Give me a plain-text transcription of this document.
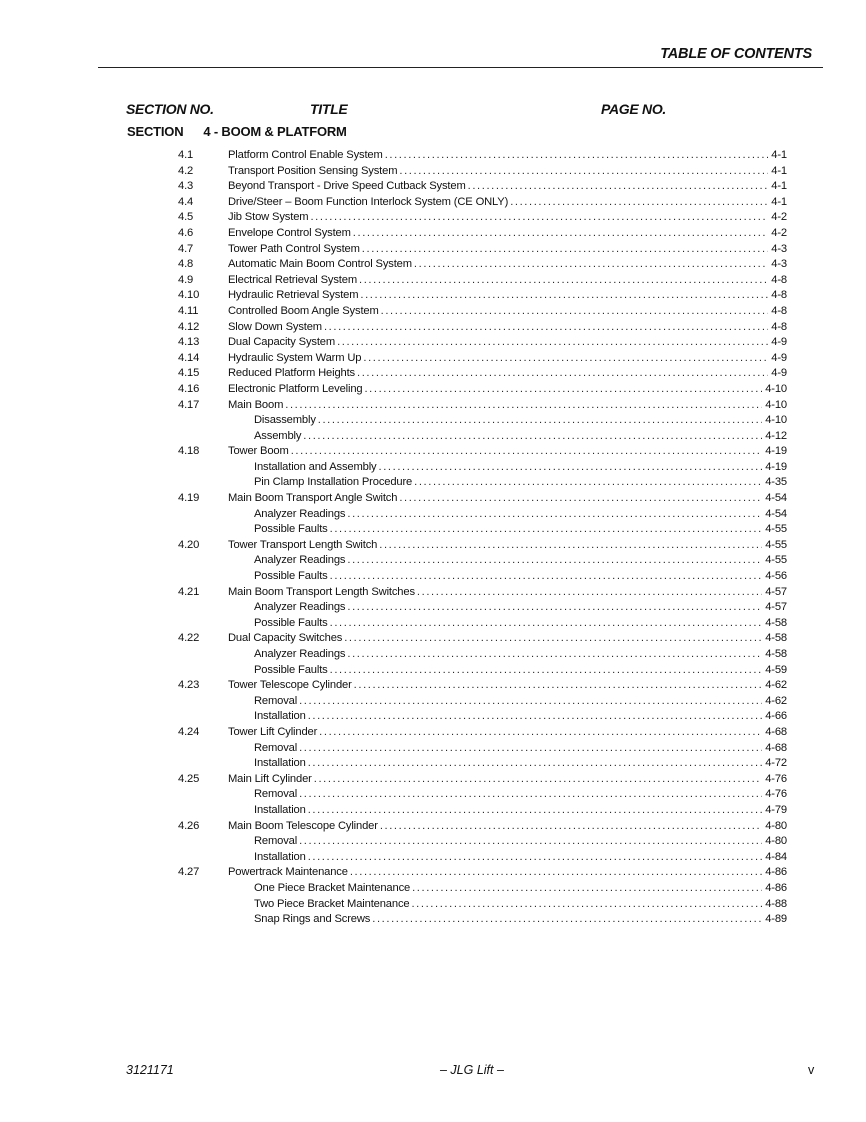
TABLE OF CONTENTS
SECTION NO.	TITLE	PAGE NO.
SECTION 4 - BOOM & PLATFORM
4.1	Platform Control Enable System .....	4-1
4.2	Transport Position Sensing System .....	4-1
4.3	Beyond Transport - Drive Speed Cutback System .....	4-1
4.4	Drive/Steer – Boom Function Interlock System (CE ONLY) .....	4-1
4.5	Jib Stow System .....	4-2
4.6	Envelope Control System .....	4-2
4.7	Tower Path Control System .....	4-3
4.8	Automatic Main Boom Control System .....	4-3
4.9	Electrical Retrieval System .....	4-8
4.10	Hydraulic Retrieval System .....	4-8
4.11	Controlled Boom Angle System .....	4-8
4.12	Slow Down System .....	4-8
4.13	Dual Capacity System .....	4-9
4.14	Hydraulic System Warm Up .....	4-9
4.15	Reduced Platform Heights .....	4-9
4.16	Electronic Platform Leveling .....	4-10
4.17	Main Boom .....	4-10
Disassembly .....	4-10
Assembly .....	4-12
4.18	Tower Boom .....	4-19
Installation and Assembly .....	4-19
Pin Clamp Installation Procedure .....	4-35
4.19	Main Boom Transport Angle Switch .....	4-54
Analyzer Readings .....	4-54
Possible Faults .....	4-55
4.20	Tower Transport Length Switch .....	4-55
Analyzer Readings .....	4-55
Possible Faults .....	4-56
4.21	Main Boom Transport Length Switches .....	4-57
Analyzer Readings .....	4-57
Possible Faults .....	4-58
4.22	Dual Capacity Switches .....	4-58
Analyzer Readings .....	4-58
Possible Faults .....	4-59
4.23	Tower Telescope Cylinder .....	4-62
Removal .....	4-62
Installation .....	4-66
4.24	Tower Lift Cylinder .....	4-68
Removal .....	4-68
Installation .....	4-72
4.25	Main Lift Cylinder .....	4-76
Removal .....	4-76
Installation .....	4-79
4.26	Main Boom Telescope Cylinder .....	4-80
Removal .....	4-80
Installation .....	4-84
4.27	Powertrack Maintenance .....	4-86
One Piece Bracket Maintenance .....	4-86
Two Piece Bracket Maintenance .....	4-88
Snap Rings and Screws .....	4-89
3121171	– JLG Lift –	v
